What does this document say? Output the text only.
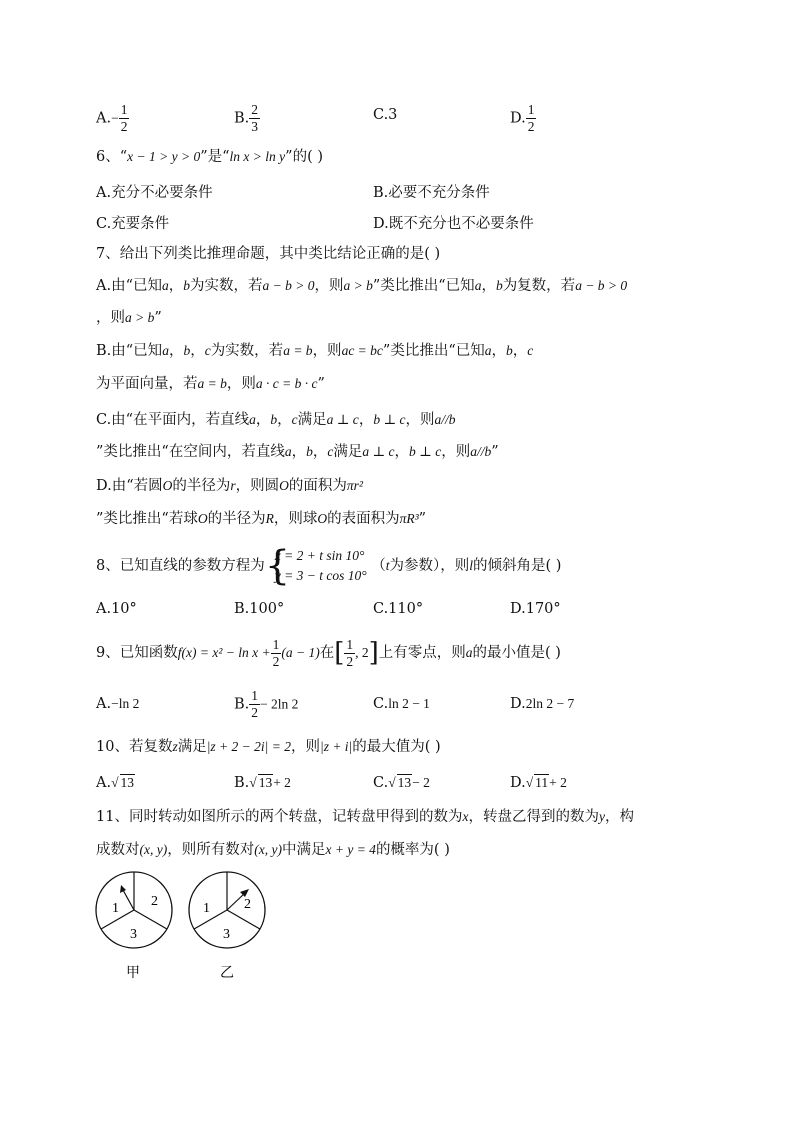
$A.- \frac{1}{2}$	B. $\frac{2}{3}$	C.3	D. $\frac{1}{2}$
6、“x − 1 > y > 0”是“ln x > ln y”的( )
A.充分不必要条件	B.必要不充分条件
C.充要条件	D.既不充分也不必要条件
7、给出下列类比推理命题，其中类比结论正确的是( )
A.由“已知a，b为实数，若a − b > 0，则a > b”类比推出“已知a，b为复数，若a − b > 0
，则a > b”
B.由“已知a，b，c为实数，若a = b，则ac = bc”类比推出“已知a，b，c
为平面向量，若a = b，则a · c = b · c”
C.由“在平面内，若直线a，b，c满足a ⊥ c，b ⊥ c，则a//b
”类比推出“在空间内，若直线a，b，c满足a ⊥ c，b ⊥ c，则a//b”
D.由“若圆O的半径为r，则圆O的面积为πr²
”类比推出“若球O的半径为R，则球O的表面积为πR³”
8、已知直线的参数方程为 {
x = 2 + t sin 10°
y = 3 − t cos 10°
（t为参数），则l的倾斜角是( )
A.10°	B.100°	C.110°	D.170°
9、已知函数$f(x) = x^2 - \ln x + \frac{1}{2} (a - 1)$在[ $\frac{1}{2}$ , 2]上有零点，则a的最小值是( )
A.−ln 2	B. $\frac{1}{2} - 2\ln$ 2	C.ln 2 − 1	D.2ln 2 − 7
10、若复数z满足|z + 2 − 2i| = 2，则|z + i|的最大值为( )
A.√ 13	B.√ 13+ 2	C.√ 13− 2	D.√ 11+ 2
11、同时转动如图所示的两个转盘，记转盘甲得到的数为x，转盘乙得到的数为y，构
成数对(x, y)，则所有数对(x, y)中满足x + y = 4的概率为( )
1 2
3
甲
1 2
3
乙
